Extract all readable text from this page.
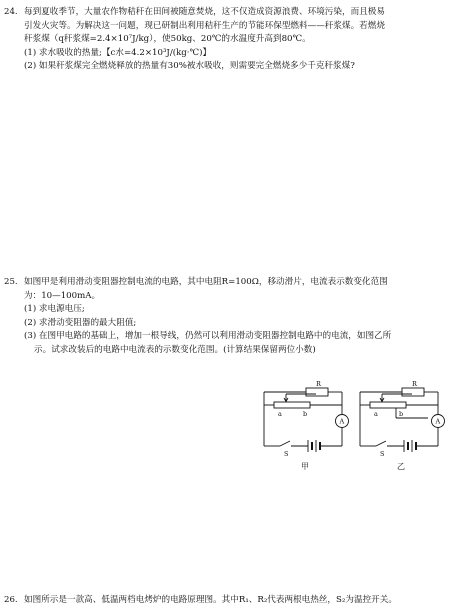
24. 每到夏收季节，大量农作物秸秆在田间被随意焚烧，这不仅造成资源浪费、环境污染，而且极易
引发火灾等。为解决这一问题，现已研制出利用秸秆生产的节能环保型燃料——秆浆煤。若燃烧
秆浆煤（q秆浆煤=2.4×10⁷J/kg），使50kg、20℃的水温度升高到80℃。
(1) 求水吸收的热量;【c水=4.2×10³J/(kg·℃)】
(2) 如果秆浆煤完全燃烧释放的热量有30%被水吸收，则需要完全燃烧多少千克秆浆煤?
25. 如图甲是利用滑动变阻器控制电流的电路，其中电阻R=100Ω，移动滑片，电流表示数变化范围
为：10—100mA。
(1) 求电源电压;
(2) 求滑动变阻器的最大阻值;
(3) 在图甲电路的基础上，增加一根导线，仍然可以利用滑动变阻器控制电路中的电流，如图乙所
示。试求改装后的电路中电流表的示数变化范围。(计算结果保留两位小数)
R
a	b
S
A
R
a	b
S
A
甲	乙
26. 如图所示是一款高、低温两档电烤炉的电路原理图。其中R₁、R₂代表两根电热丝，S₂为温控开关。
